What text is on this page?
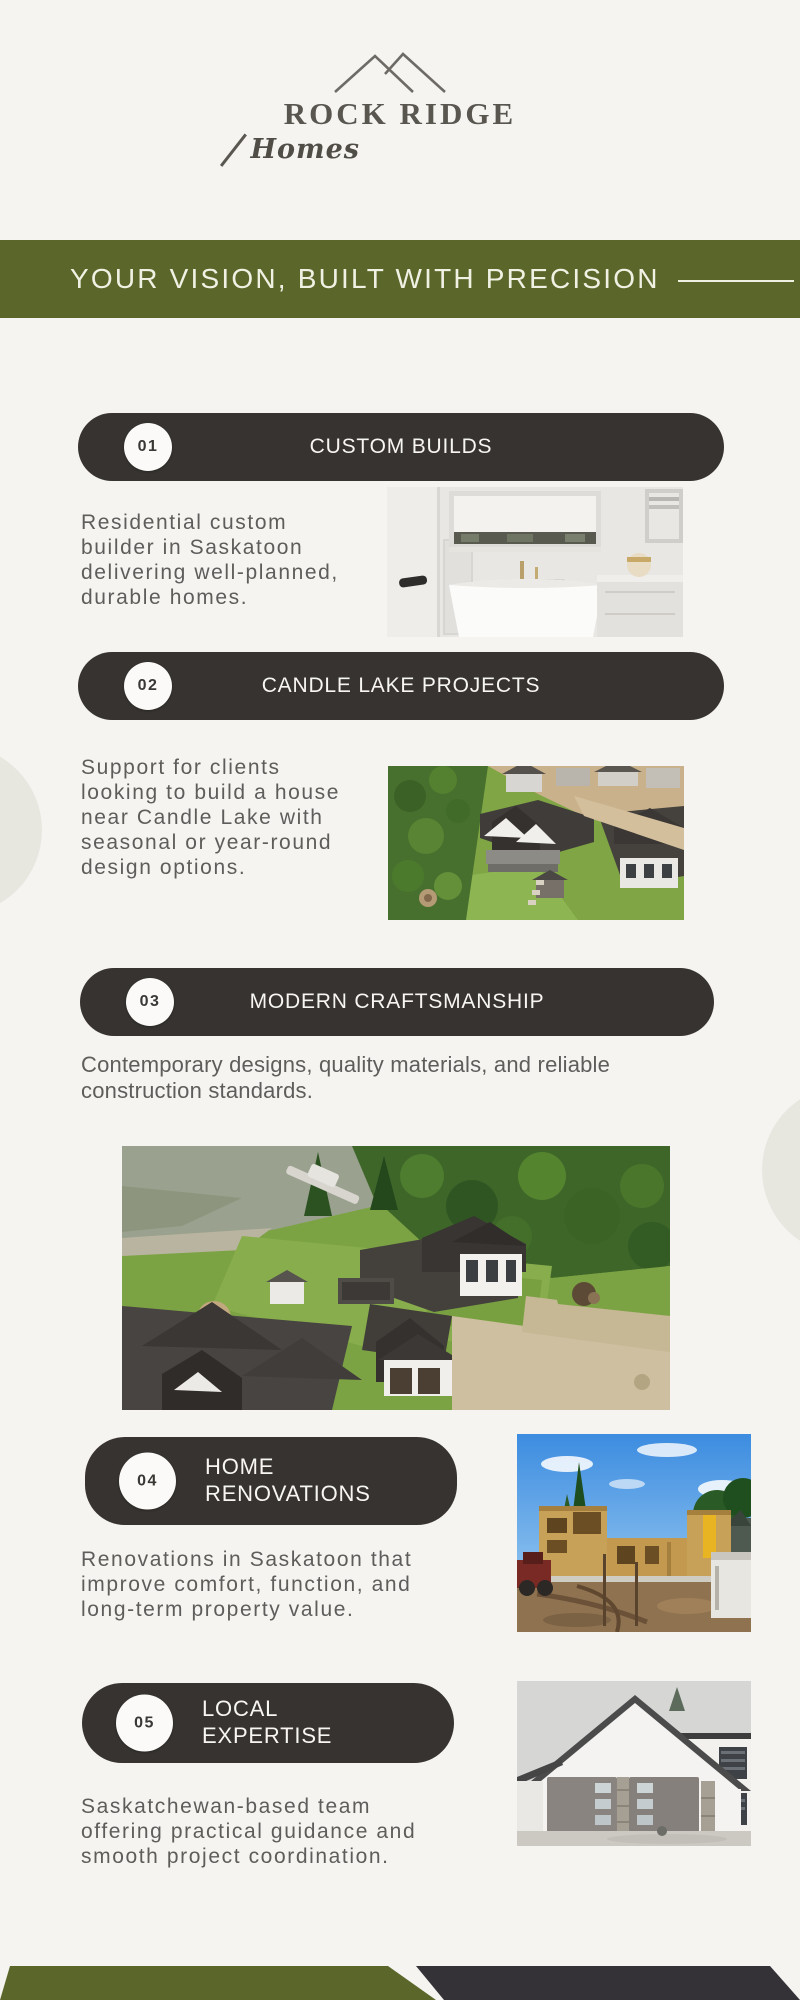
ROCK RIDGE
Homes
YOUR VISION, BUILT WITH PRECISION
01	CUSTOM BUILDS
Residential custom builder in Saskatoon delivering well-planned, durable homes.
02	CANDLE LAKE PROJECTS
Support for clients looking to build a house near Candle Lake with seasonal or year-round design options.
03	MODERN CRAFTSMANSHIP
Contemporary designs, quality materials, and reliable construction standards.
04
HOME RENOVATIONS
Renovations in Saskatoon that improve comfort, function, and long-term property value.
05
LOCAL EXPERTISE
Saskatchewan-based team offering practical guidance and smooth project coordination.
